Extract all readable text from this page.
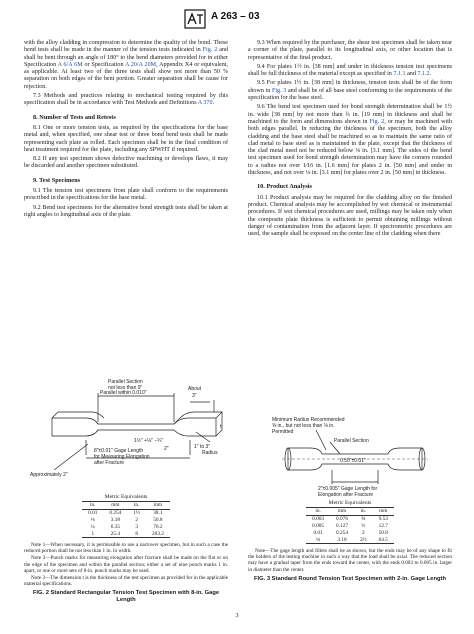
A 263 – 03

with the alloy cladding in compression to determine the quality of the bond. These bend tests shall be made in the manner of the tension tests indicated in Fig. 2 and shall be bent through an angle of 180° to the bend diameters provided for in either Specification A 6/A 6M or Specification A 20/A 20M, Appendix X4 or equivalent, as applicable. At least two of the three tests shall show not more than 50 % separation on both edges of the bent portion. Greater separation shall be cause for rejection.

7.3 Methods and practices relating to mechanical testing required by this specification shall be in accordance with Test Methods and Definitions A 370.

8. Number of Tests and Retests

8.1 One or more tension tests, as required by the specifications for the base metal and, when specified, one shear test or three bond bend tests shall be made representing each plate as rolled. Each specimen shall be in the final condition of heat treatment required for the plate, including any SPWHT if required.

8.2 If any test specimen shows defective machining or develops flaws, it may be discarded and another specimen substituted.

9. Test Specimens

9.1 The tension test specimens from plate shall conform to the requirements prescribed in the specifications for the base metal.

9.2 Bend test specimens for the alternative bond strength tests shall be taken at right angles to longitudinal axis of the plate.

9.3 When required by the purchaser, the shear test specimen shall be taken near a corner of the plate, parallel to its longitudinal axis, or other location that is representative of the final product.

9.4 For plates 1½ in. [38 mm] and under in thickness tension test specimens shall be full thickness of the material except as specified in 7.1.1 and 7.1.2.

9.5 For plates 1½ in. [38 mm] in thickness, tension tests shall be of the form shown in Fig. 3 and shall be of all base steel conforming to the requirements of the specification for the base steel.

9.6 The bend test specimen used for bond strength determination shall be 1½ in. wide [38 mm] by not more than ¾ in. [19 mm] in thickness and shall be machined to the form and dimensions shown in Fig. 2, or may be machined with both edges parallel. In reducing the thickness of the specimen, both the alloy cladding and the base steel shall be machined so as to maintain the same ratio of clad metal to base steel as is maintained in the plate, except that the thickness of the clad metal need not be reduced below ⅛ in. [3.1 mm]. The sides of the bend test specimen used for bond strength determination may have the corners rounded to a radius not over 1⁄16 in. [1.6 mm] for plates 2 in. [50 mm] and under in thickness, and not over ⅛ in. [3.1 mm] for plates over 2 in. [50 mm] in thickness.

10. Product Analysis

10.1 Product analysis may be required for the cladding alloy on the finished product. Chemical analysis may be accomplished by wet chemical or instrumental procedures. If wet chemical procedures are used, millings may be taken only when the composite plate thickness is sufficient to permit obtaining millings without danger of contamination from the adjacent layer. If spectrometric procedures are used, the sample shall be exposed on the center line of the cladding when there

Parallel Section
not less than 9"
Parallel within 0.010"
About
3"
t
8"±0.01" Gage Length
for Measuring Elongation
after Fracture
1½" +⅛" −¼"
2"	1" to 3"
Radius
Approximately 2"
Metric Equivalents
in.	mm	in.	mm
0.01	0.254	1½	38.1
⅛	3.18	2	50.8
¼	6.35	3	76.2
1	25.4	8	203.2

Note 1—When necessary, it is permissible to use a narrower specimen, but in such a case the reduced portion shall be not less than 1 in. in width.

Note 2—Punch marks for measuring elongation after fracture shall be made on the flat or on the edge of the specimen and within the parallel section; either a set of nine punch marks 1 in. apart, or one or more sets of 8-in. punch marks may be used.

Note 3—The dimension t is the thickness of the test specimen as provided for in the applicable material specifications.

FIG. 2 Standard Rectangular Tension Test Specimen with 8-in. Gage Length
Minimum Radius Recommended
⅜ in., but not less than ⅛ in.
Permitted
Parallel Section
0.50"±0.01"
2"±0.005" Gage Length for
Elongation after Fracture
Metric Equivalents
in.	mm	in.	mm
0.003	0.076	⅜	9.53
0.005	0.127	½	12.7
0.01	0.254	2	50.8
⅛	3.18	2½	64.5

Note—The gage length and fillets shall be as shown, but the ends may be of any shape to fit the holders of the testing machine in such a way that the load shall be axial. The reduced section may have a gradual taper from the ends toward the center, with the ends 0.003 to 0.005 in. larger in diameter than the center.

FIG. 3 Standard Round Tension Test Specimen with 2-in. Gage Length
3
